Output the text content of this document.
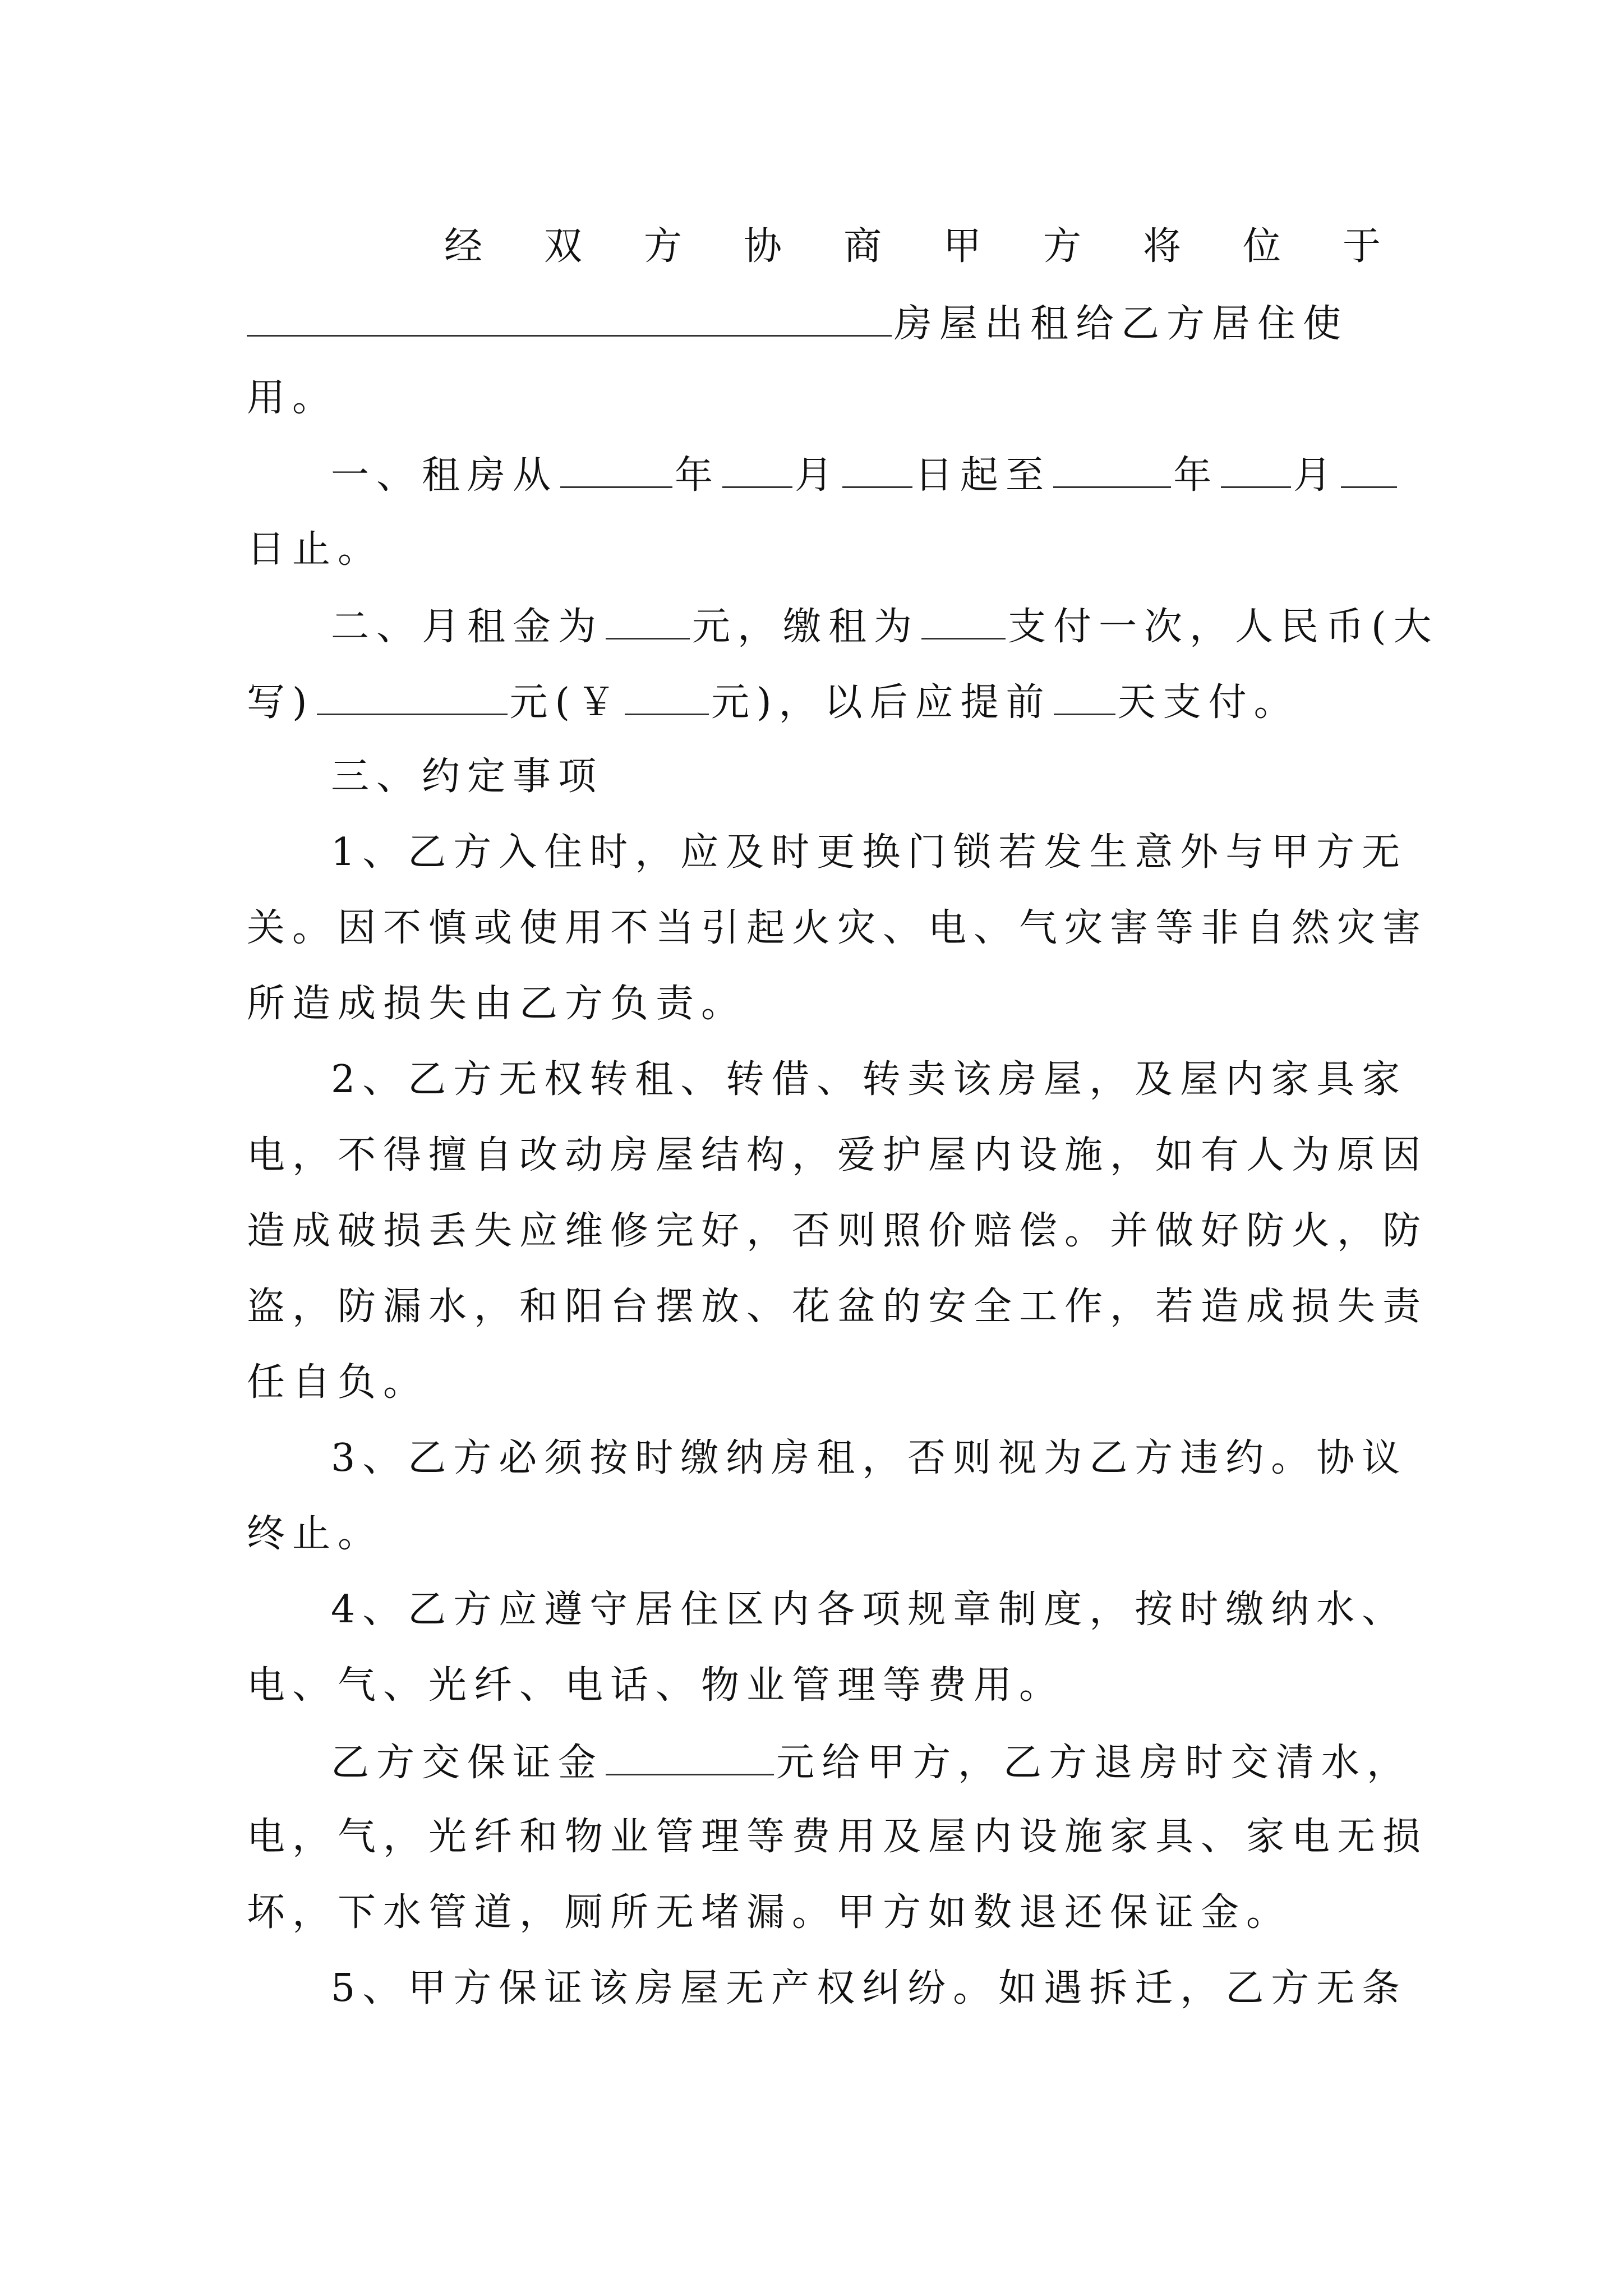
经 双 方 协 商 甲 方 将 位 于
房屋出租给乙方居住使
用。
一、租房从	年 月 日起至	年 月
日止。
二、月租金为 元，缴租为 支付一次，人民币(大
写)	元(￥ 元)，以后应提前 天支付。
三、约定事项
1、乙方入住时，应及时更换门锁若发生意外与甲方无
关。因不慎或使用不当引起火灾、电、气灾害等非自然灾害
所造成损失由乙方负责。
2、乙方无权转租、转借、转卖该房屋，及屋内家具家
电，不得擅自改动房屋结构，爱护屋内设施，如有人为原因
造成破损丢失应维修完好，否则照价赔偿。并做好防火，防
盗，防漏水，和阳台摆放、花盆的安全工作，若造成损失责
任自负。
3、乙方必须按时缴纳房租，否则视为乙方违约。协议
终止。
4、乙方应遵守居住区内各项规章制度，按时缴纳水、
电、气、光纤、电话、物业管理等费用。
乙方交保证金	元给甲方，乙方退房时交清水，
电，气，光纤和物业管理等费用及屋内设施家具、家电无损
坏，下水管道，厕所无堵漏。甲方如数退还保证金。
5、甲方保证该房屋无产权纠纷。如遇拆迁，乙方无条
